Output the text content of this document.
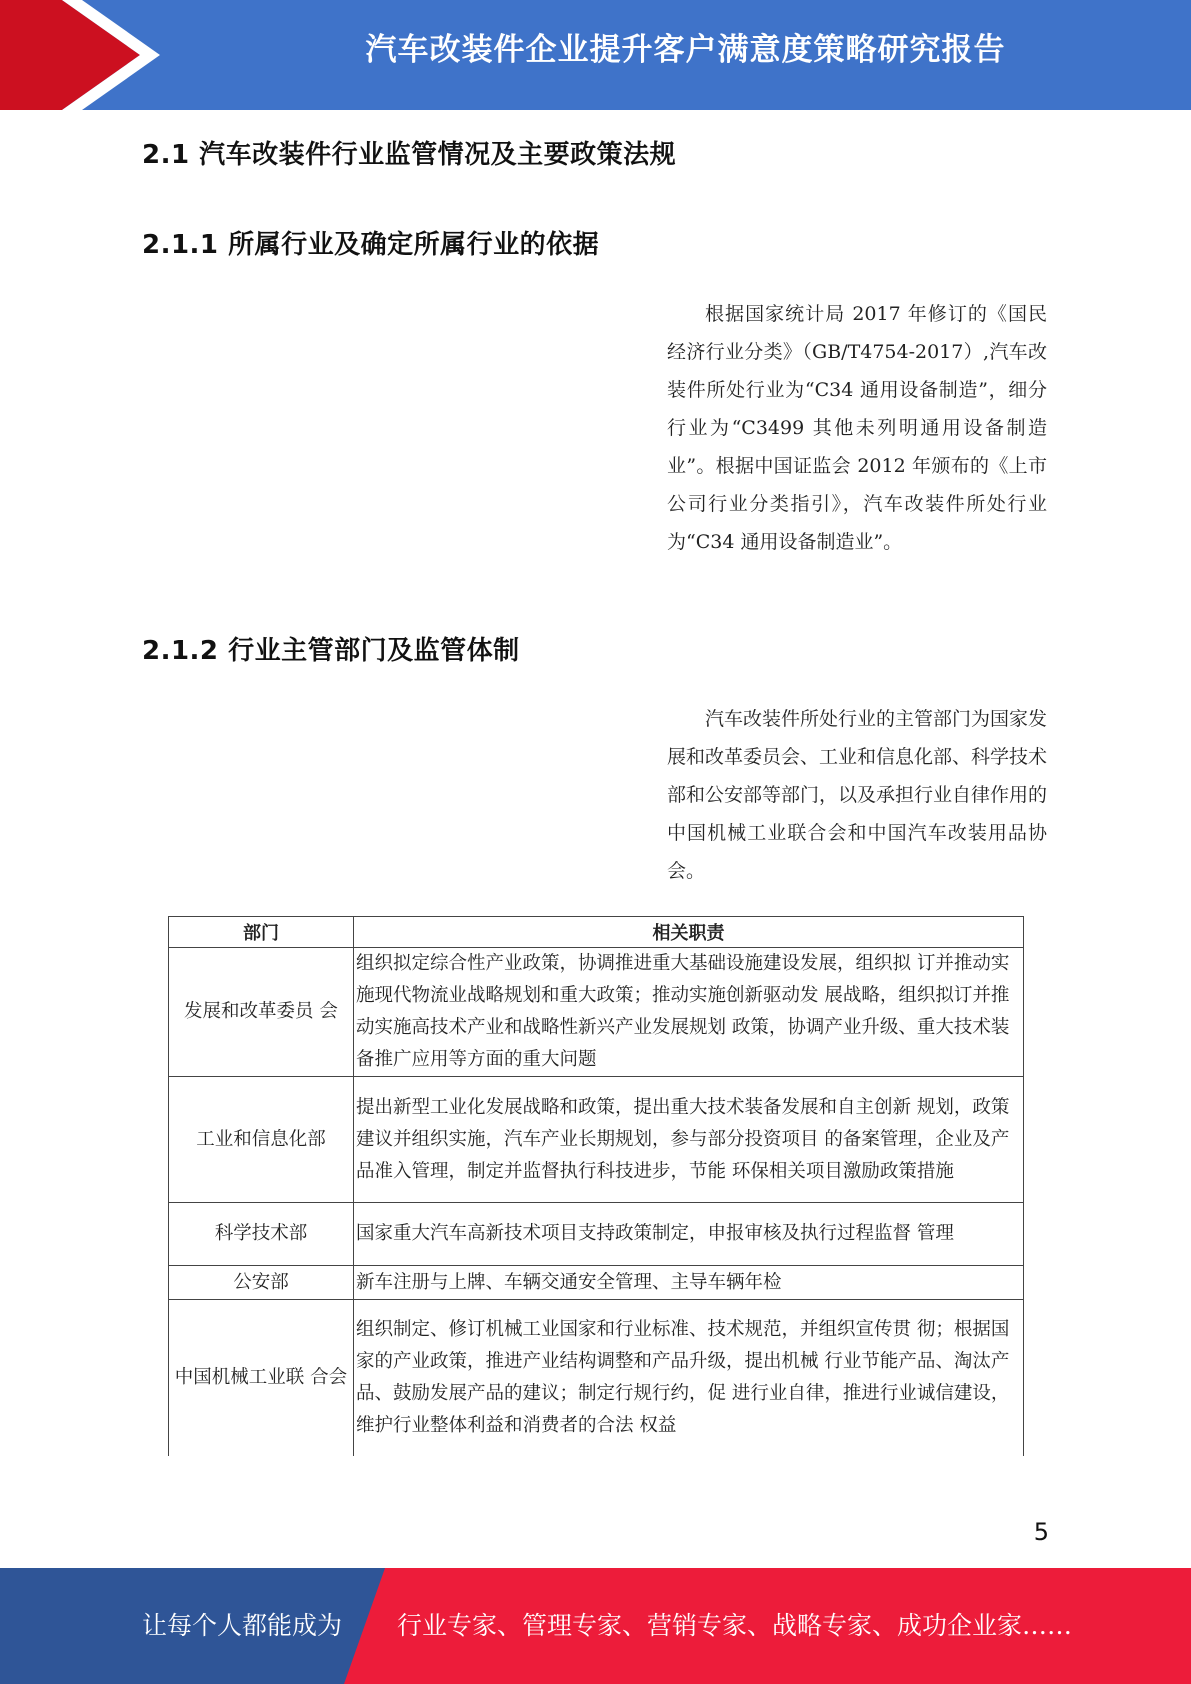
汽车改装件企业提升客户满意度策略研究报告
2.1 汽车改装件行业监管情况及主要政策法规
2.1.1 所属行业及确定所属行业的依据

根据国家统计局 2017 年修订的《国民经济行业分类》（GB/T4754-2017）,汽车改装件所处行业为“C34 通用设备制造”，细分行业为“C3499 其他未列明通用设备制造业”。根据中国证监会 2012 年颁布的《上市公司行业分类指引》，汽车改装件所处行业为“C34 通用设备制造业”。

2.1.2 行业主管部门及监管体制

汽车改装件所处行业的主管部门为国家发展和改革委员会、工业和信息化部、科学技术部和公安部等部门，以及承担行业自律作用的中国机械工业联合会和中国汽车改装用品协会。

部门	相关职责
发展和改革委员 会	组织拟定综合性产业政策，协调推进重大基础设施建设发展，组织拟 订并推动实施现代物流业战略规划和重大政策；推动实施创新驱动发 展战略，组织拟订并推动实施高技术产业和战略性新兴产业发展规划 政策，协调产业升级、重大技术装备推广应用等方面的重大问题
工业和信息化部	提出新型工业化发展战略和政策，提出重大技术装备发展和自主创新 规划，政策建议并组织实施，汽车产业长期规划，参与部分投资项目 的备案管理，企业及产品准入管理，制定并监督执行科技进步，节能 环保相关项目激励政策措施
科学技术部	国家重大汽车高新技术项目支持政策制定，申报审核及执行过程监督 管理
公安部	新车注册与上牌、车辆交通安全管理、主导车辆年检
中国机械工业联 合会	组织制定、修订机械工业国家和行业标准、技术规范，并组织宣传贯 彻；根据国家的产业政策，推进产业结构调整和产品升级，提出机械 行业节能产品、淘汰产品、鼓励发展产品的建议；制定行规行约，促 进行业自律，推进行业诚信建设，维护行业整体利益和消费者的合法 权益
5
让每个人都能成为 行业专家、管理专家、营销专家、战略专家、成功企业家……
